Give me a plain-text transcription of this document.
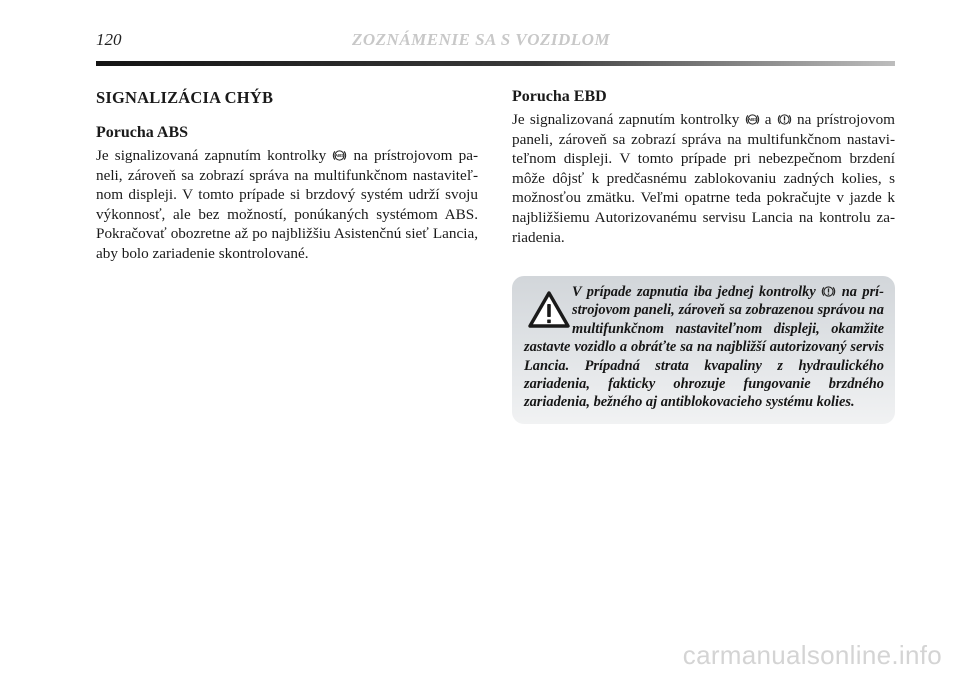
120	ZOZNÁMENIE SA S VOZIDLOM
SIGNALIZÁCIA CHÝB
Porucha ABS

Je signalizovaná zapnutím kontrolky ABS na prístrojovom paneli, zároveň sa zobrazí správa na multifunkčnom nastaviteľnom displeji. V tomto prípade si brzdový systém udrží svoju výkonnosť, ale bez možností, ponúkaných systémom ABS. Pokračovať obozretne až po najbližšiu Asistenčnú sieť Lancia, aby bolo zariadenie skontrolované.

Porucha EBD

Je signalizovaná zapnutím kontrolky ABS a
na prístrojovom paneli, zároveň sa zobrazí správa na multifunkčnom nastaviteľnom displeji. V tomto prípade pri nebezpečnom brzdení môže dôjsť k predčasnému zablokovaniu zadných kolies, s možnosťou zmätku. Veľmi opatrne teda pokračujte v jazde k najbližšiemu Autorizovanému servisu Lancia na kontrolu zariadenia.

V prípade zapnutia iba jednej kontrolky
na prístrojovom paneli, zároveň sa zobrazenou správou na multifunkčnom nastaviteľnom displeji, okamžite zastavte vozidlo a obráťte sa na najbližší autorizovaný servis Lancia. Prípadná strata kvapaliny z hydraulického zariadenia, fakticky ohrozuje fungovanie brzdného zariadenia, bežného aj antiblokovacieho systému kolies.
carmanualsonline.info
